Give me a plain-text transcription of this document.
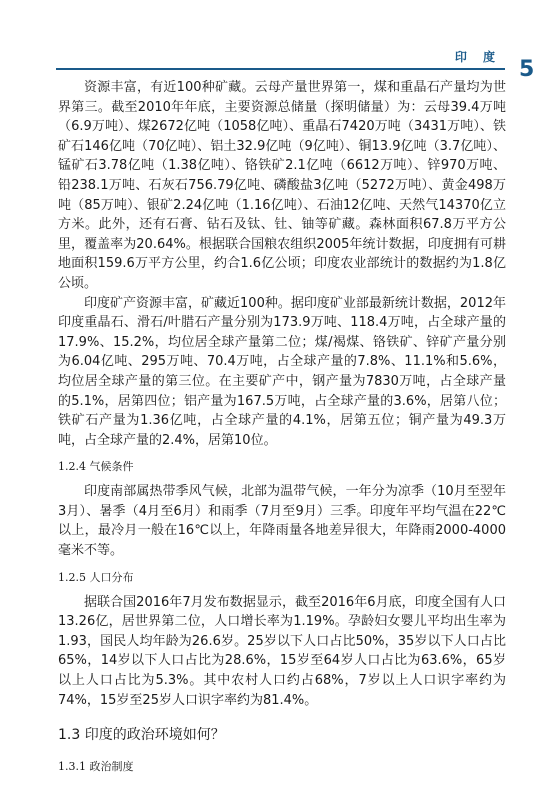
印 度 5

资源丰富，有近100种矿藏。云母产量世界第一，煤和重晶石产量均为世界第三。截至2010年年底，主要资源总储量（探明储量）为：云母39.4万吨（6.9万吨）、煤2672亿吨（1058亿吨）、重晶石7420万吨（3431万吨）、铁矿石146亿吨（70亿吨）、铝土32.9亿吨（9亿吨）、铜13.9亿吨（3.7亿吨）、锰矿石3.78亿吨（1.38亿吨）、铬铁矿2.1亿吨（6612万吨）、锌970万吨、铅238.1万吨、石灰石756.79亿吨、磷酸盐3亿吨（5272万吨）、黄金498万吨（85万吨）、银矿2.24亿吨（1.16亿吨）、石油12亿吨、天然气14370亿立方米。此外，还有石膏、钻石及钛、钍、铀等矿藏。森林面积67.8万平方公里，覆盖率为20.64%。根据联合国粮农组织2005年统计数据，印度拥有可耕地面积159.6万平方公里，约合1.6亿公顷；印度农业部统计的数据约为1.8亿公顷。

印度矿产资源丰富，矿藏近100种。据印度矿业部最新统计数据，2012年印度重晶石、滑石/叶腊石产量分别为173.9万吨、118.4万吨，占全球产量的17.9%、15.2%，均位居全球产量第二位；煤/褐煤、铬铁矿、锌矿产量分别为6.04亿吨、295万吨、70.4万吨，占全球产量的7.8%、11.1%和5.6%，均位居全球产量的第三位。在主要矿产中，钢产量为7830万吨，占全球产量的5.1%，居第四位；铝产量为167.5万吨，占全球产量的3.6%，居第八位；铁矿石产量为1.36亿吨，占全球产量的4.1%，居第五位；铜产量为49.3万吨，占全球产量的2.4%，居第10位。

1.2.4 气候条件

印度南部属热带季风气候，北部为温带气候，一年分为凉季（10月至翌年3月）、暑季（4月至6月）和雨季（7月至9月）三季。印度年平均气温在22℃以上，最冷月一般在16℃以上，年降雨量各地差异很大，年降雨2000-4000毫米不等。

1.2.5 人口分布

据联合国2016年7月发布数据显示，截至2016年6月底，印度全国有人口13.26亿，居世界第二位，人口增长率为1.19%。孕龄妇女婴儿平均出生率为1.93，国民人均年龄为26.6岁。25岁以下人口占比50%，35岁以下人口占比65%，14岁以下人口占比为28.6%，15岁至64岁人口占比为63.6%，65岁以上人口占比为5.3%。其中农村人口约占68%，7岁以上人口识字率约为74%，15岁至25岁人口识字率约为81.4%。

1.3 印度的政治环境如何？
1.3.1 政治制度
